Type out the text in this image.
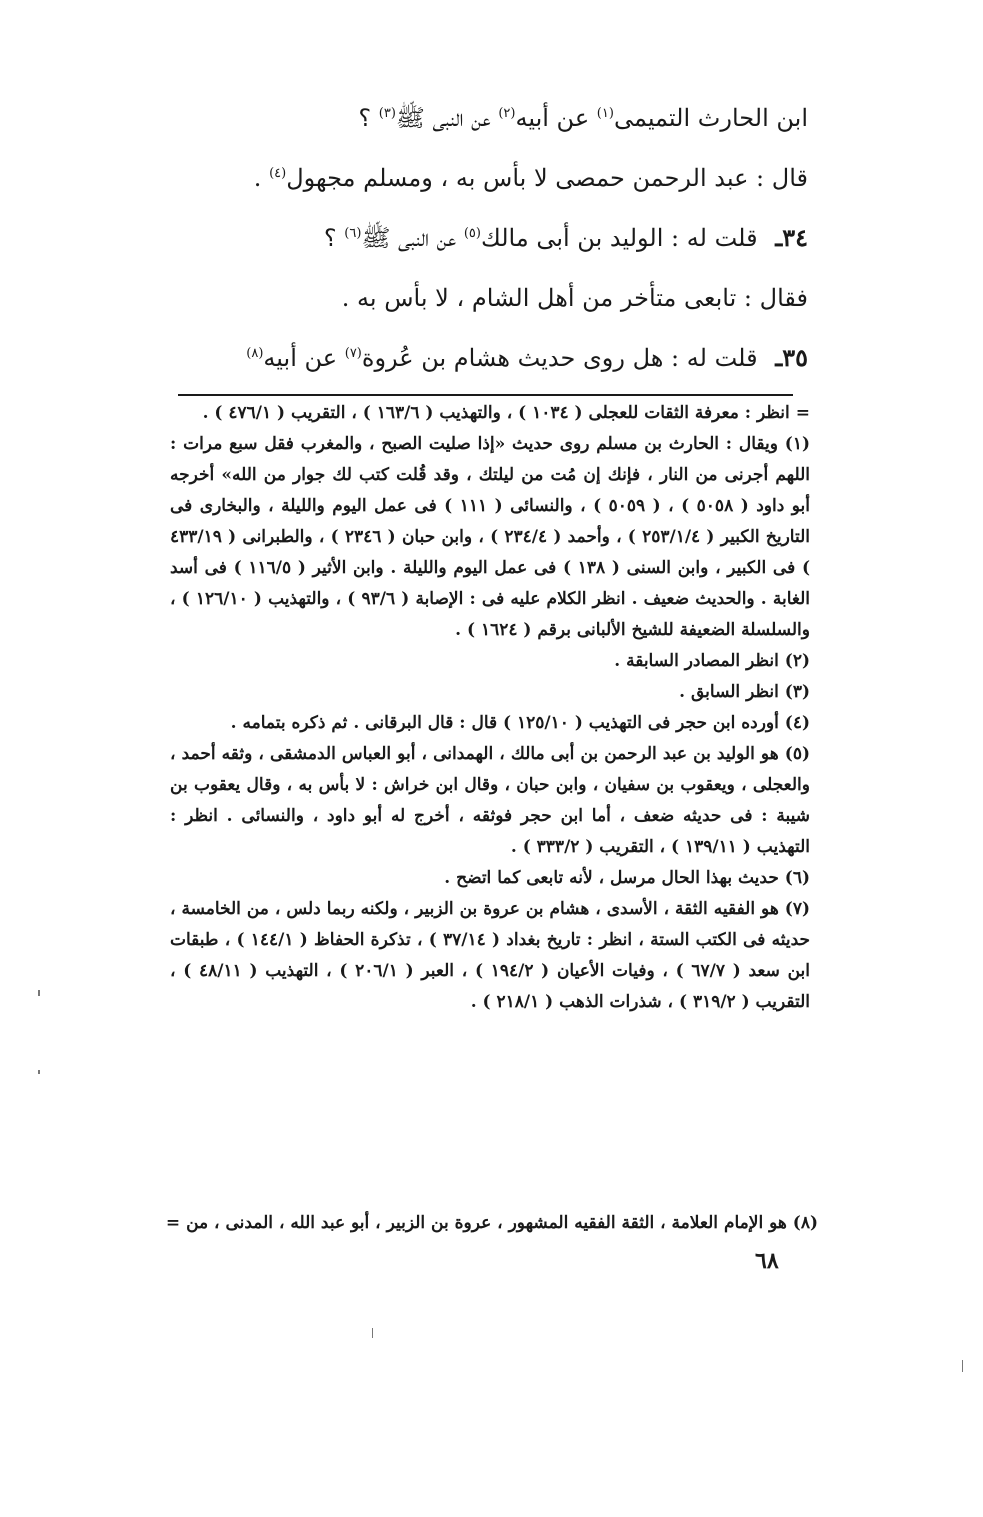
ابن الحارث التميمى$^{(١)}$ عن أبيه$^{(٢)}$ عن النبى ﷺ$^{(٣)}$ ؟

قال : عبد الرحمن حمصى لا بأس به ، ومسلم مجهول$^{(٤)}$ .

٣٤ـ قلت له : الوليد بن أبى مالك$^{(٥)}$ عن النبى ﷺ$^{(٦)}$ ؟

فقال : تابعى متأخر من أهل الشام ، لا بأس به .

٣٥ـ قلت له : هل روى حديث هشام بن عُروة$^{(٧)}$ عن أبيه$^{(٨)}$

=انظر : معرفة الثقات للعجلى ( ١٠٣٤ ) ، والتهذيب ( ١٦٣/٦ ) ، التقريب ( ٤٧٦/١ ) .

(١) ويقال : الحارث بن مسلم روى حديث «إذا صليت الصبح ، والمغرب فقل سبع مرات : اللهم أجرنى من النار ، فإنك إن مُت من ليلتك ، وقد قُلت كتب لك جوار من الله» أخرجه أبو داود ( ٥٠٥٨ ) ، ( ٥٠٥٩ ) ، والنسائى ( ١١١ ) فى عمل اليوم والليلة ، والبخارى فى التاريخ الكبير ( ٢٥٣/١/٤ ) ، وأحمد ( ٢٣٤/٤ ) ، وابن حبان ( ٢٣٤٦ ) ، والطبرانى ( ٤٣٣/١٩ ) فى الكبير ، وابن السنى ( ١٣٨ ) فى عمل اليوم والليلة . وابن الأثير ( ١١٦/٥ ) فى أسد الغابة . والحديث ضعيف . انظر الكلام عليه فى : الإصابة ( ٩٣/٦ ) ، والتهذيب ( ١٢٦/١٠ ) ، والسلسلة الضعيفة للشيخ الألبانى برقم ( ١٦٢٤ ) .

(٢) انظر المصادر السابقة .

(٣) انظر السابق .

(٤) أورده ابن حجر فى التهذيب ( ١٢٥/١٠ ) قال : قال البرقانى . ثم ذكره بتمامه .

(٥) هو الوليد بن عبد الرحمن بن أبى مالك ، الهمدانى ، أبو العباس الدمشقى ، وثقه أحمد ، والعجلى ، ويعقوب بن سفيان ، وابن حبان ، وقال ابن خراش : لا بأس به ، وقال يعقوب بن شيبة : فى حديثه ضعف ، أما ابن حجر فوثقه ، أخرج له أبو داود ، والنسائى . انظر : التهذيب ( ١٣٩/١١ ) ، التقريب ( ٣٣٣/٢ ) .

(٦) حديث بهذا الحال مرسل ، لأنه تابعى كما اتضح .

(٧) هو الفقيه الثقة ، الأسدى ، هشام بن عروة بن الزبير ، ولكنه ربما دلس ، من الخامسة ، حديثه فى الكتب الستة ، انظر : تاريخ بغداد ( ٣٧/١٤ ) ، تذكرة الحفاظ ( ١٤٤/١ ) ، طبقات ابن سعد ( ٦٧/٧ ) ، وفيات الأعيان ( ١٩٤/٢ ) ، العبر ( ٢٠٦/١ ) ، التهذيب ( ٤٨/١١ ) ، التقريب ( ٣١٩/٢ ) ، شذرات الذهب ( ٢١٨/١ ) .

(٨) هو الإمام العلامة ، الثقة الفقيه المشهور ، عروة بن الزبير ، أبو عبد الله ، المدنى ، من =
٦٨
